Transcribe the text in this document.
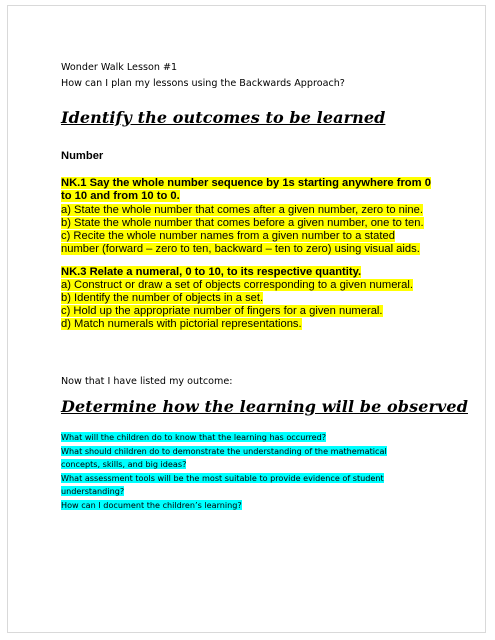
Wonder Walk Lesson #1
How can I plan my lessons using the Backwards Approach?
Identify the outcomes to be learned
Number
NK.1 Say the whole number sequence by 1s starting anywhere from 0
to 10 and from 10 to 0.
a) State the whole number that comes after a given number, zero to nine.
b) State the whole number that comes before a given number, one to ten.
c) Recite the whole number names from a given number to a stated
number (forward – zero to ten, backward – ten to zero) using visual aids.
NK.3 Relate a numeral, 0 to 10, to its respective quantity.
a) Construct or draw a set of objects corresponding to a given numeral.
b) Identify the number of objects in a set.
c) Hold up the appropriate number of fingers for a given numeral.
d) Match numerals with pictorial representations.
Now that I have listed my outcome:
Determine how the learning will be observed
What will the children do to know that the learning has occurred?
What should children do to demonstrate the understanding of the mathematical
concepts, skills, and big ideas?
What assessment tools will be the most suitable to provide evidence of student
understanding?
How can I document the children’s learning?
